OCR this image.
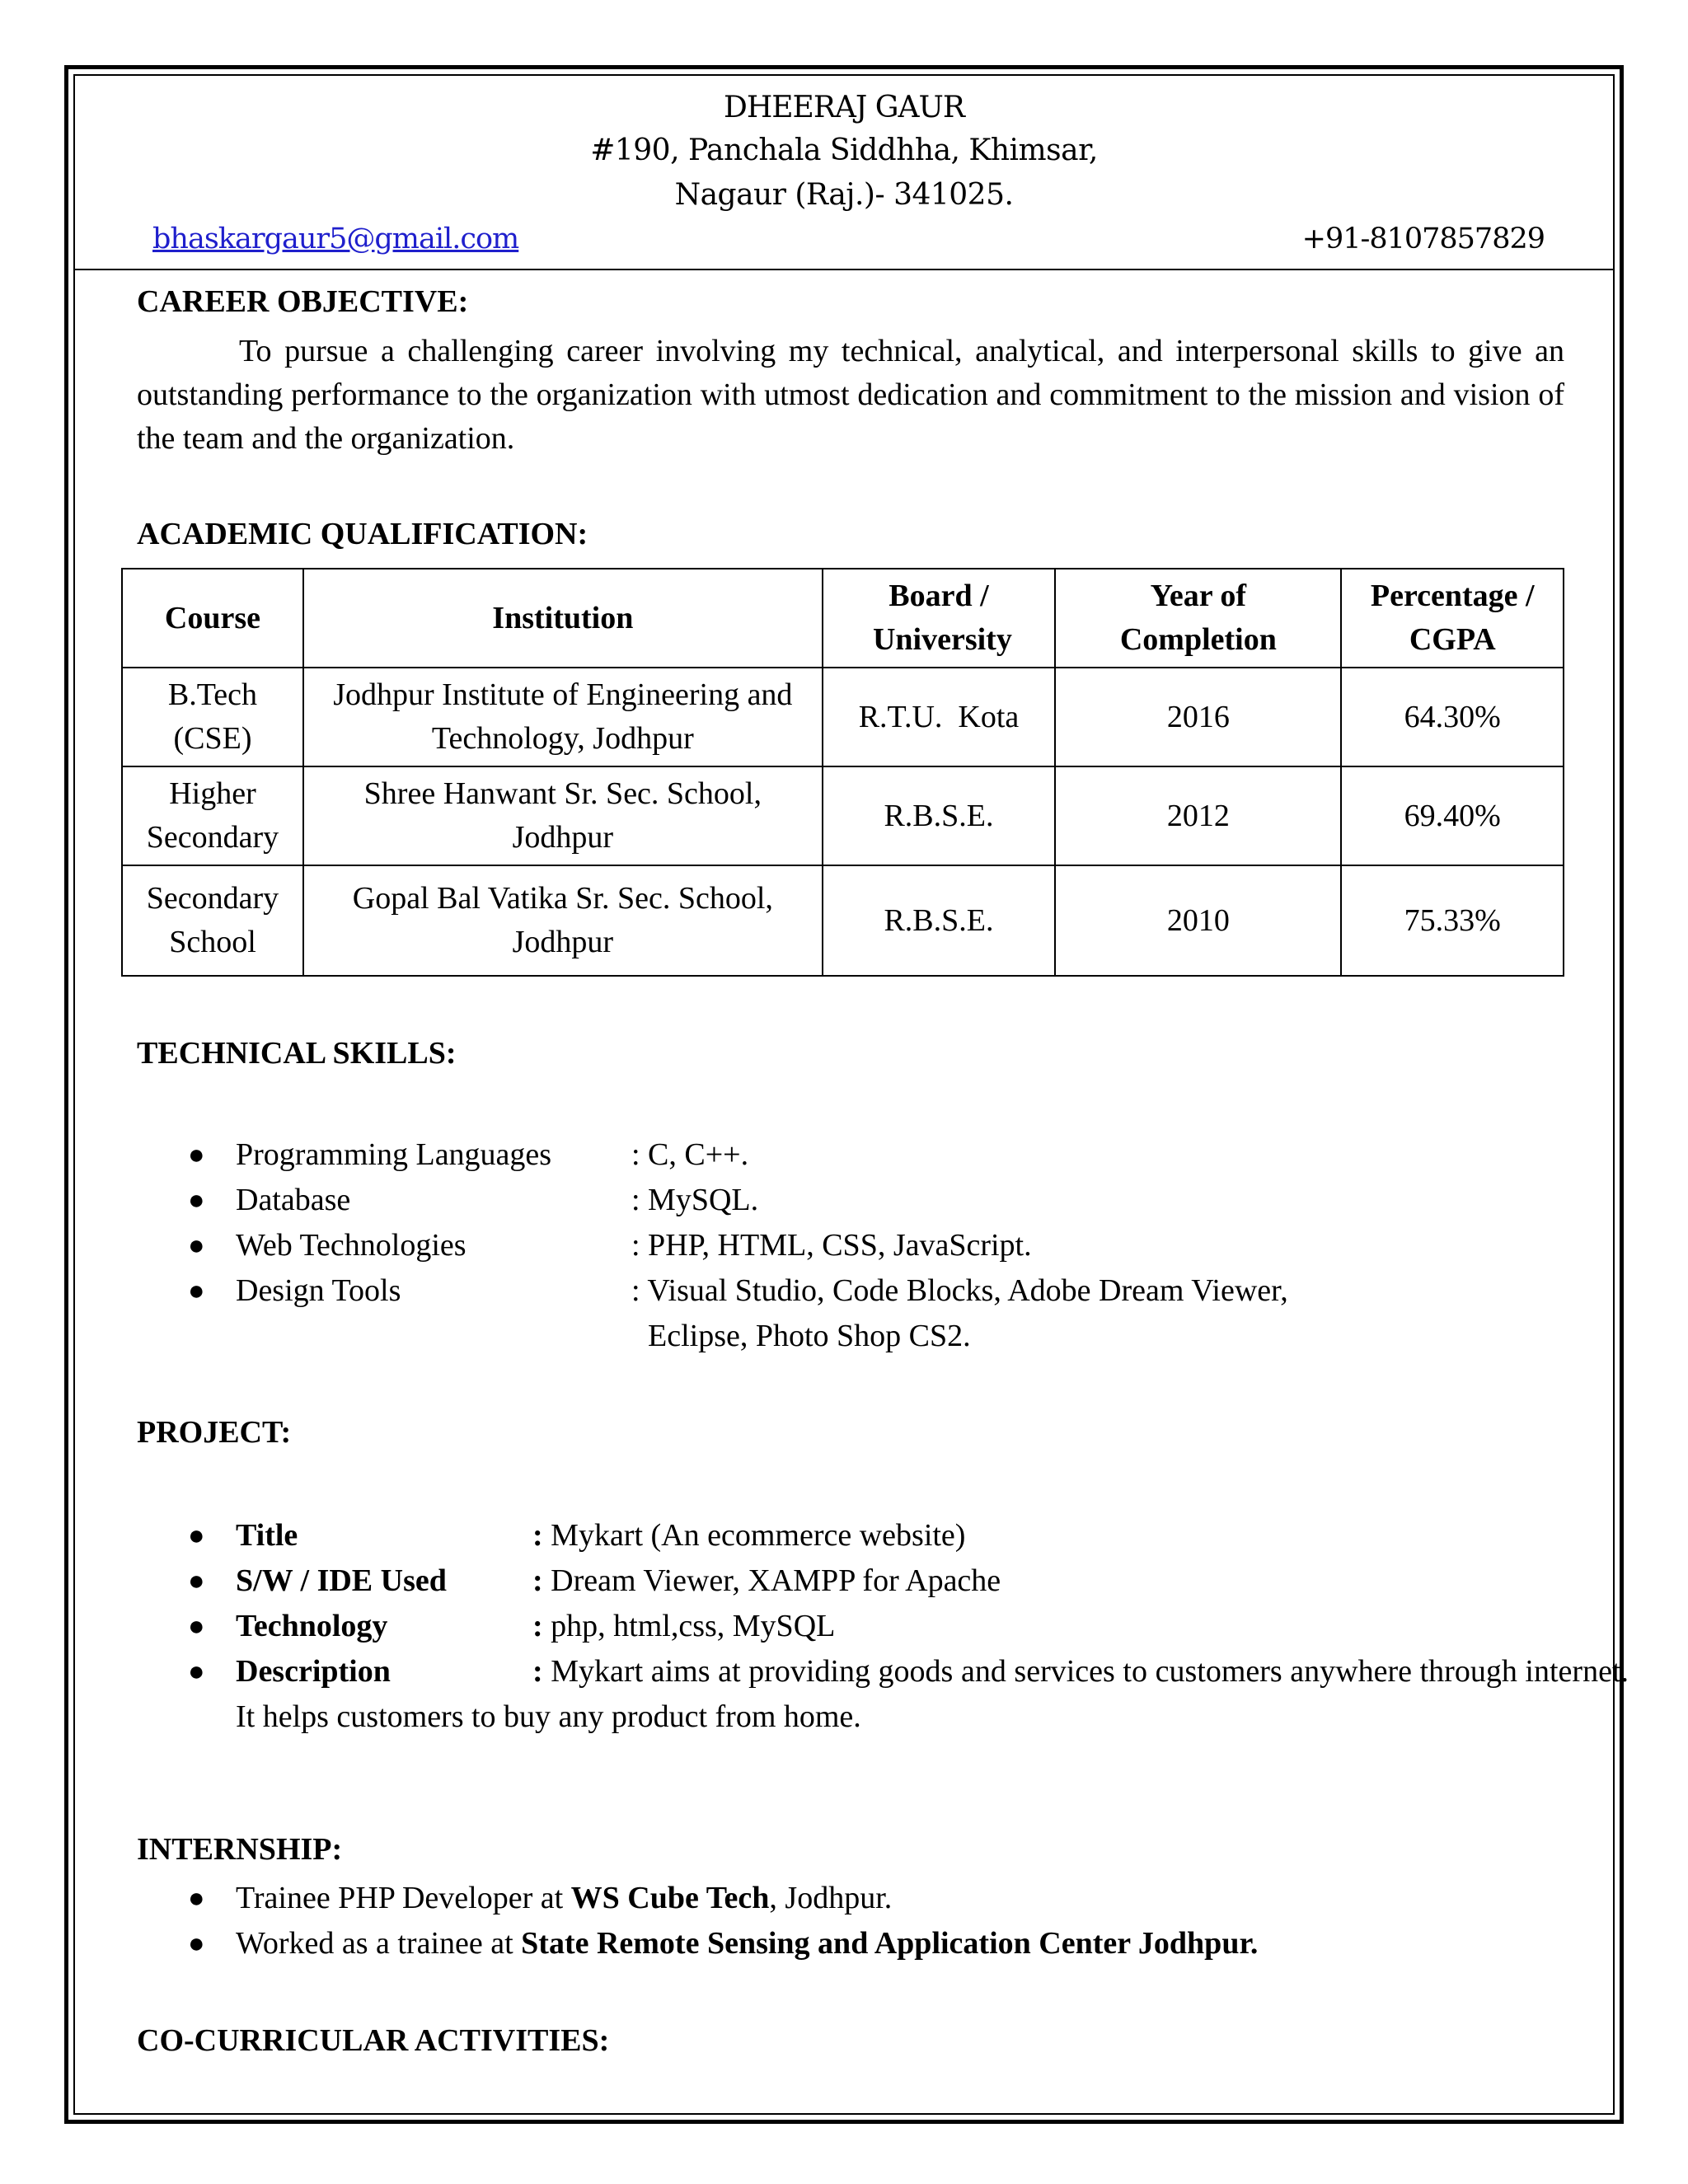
DHEERAJ GAUR
#190, Panchala Siddhha, Khimsar,
Nagaur (Raj.)- 341025.
bhaskargaur5@gmail.com	+91-8107857829
CAREER OBJECTIVE:
To pursue a challenging career involving my technical, analytical, and interpersonal skills to give an outstanding performance to the organization with utmost dedication and commitment to the mission and vision of the team and the organization.
ACADEMIC QUALIFICATION:
Course	Institution	Board / University	Year of Completion	Percentage / CGPA
B.Tech (CSE)	Jodhpur Institute of Engineering and Technology, Jodhpur	R.T.U.  Kota	2016	64.30%
Higher Secondary	Shree Hanwant Sr. Sec. School, Jodhpur	R.B.S.E.	2012	69.40%
Secondary School	Gopal Bal Vatika Sr. Sec. School, Jodhpur	R.B.S.E.	2010	75.33%
TECHNICAL SKILLS:
● Programming Languages	: C, C++.
● Database	: MySQL.
● Web Technologies	: PHP, HTML, CSS, JavaScript.
● Design Tools	: Visual Studio, Code Blocks, Adobe Dream Viewer,
Eclipse, Photo Shop CS2.
PROJECT:
● Title	: Mykart (An ecommerce website)
● S/W / IDE Used	: Dream Viewer, XAMPP for Apache
● Technology	: php, html,css, MySQL
● Description	: Mykart aims at providing goods and services to customers anywhere through internet. It helps customers to buy any product from home.
INTERNSHIP:
● Trainee PHP Developer at WS Cube Tech, Jodhpur.
● Worked as a trainee at State Remote Sensing and Application Center Jodhpur.
CO-CURRICULAR ACTIVITIES:
